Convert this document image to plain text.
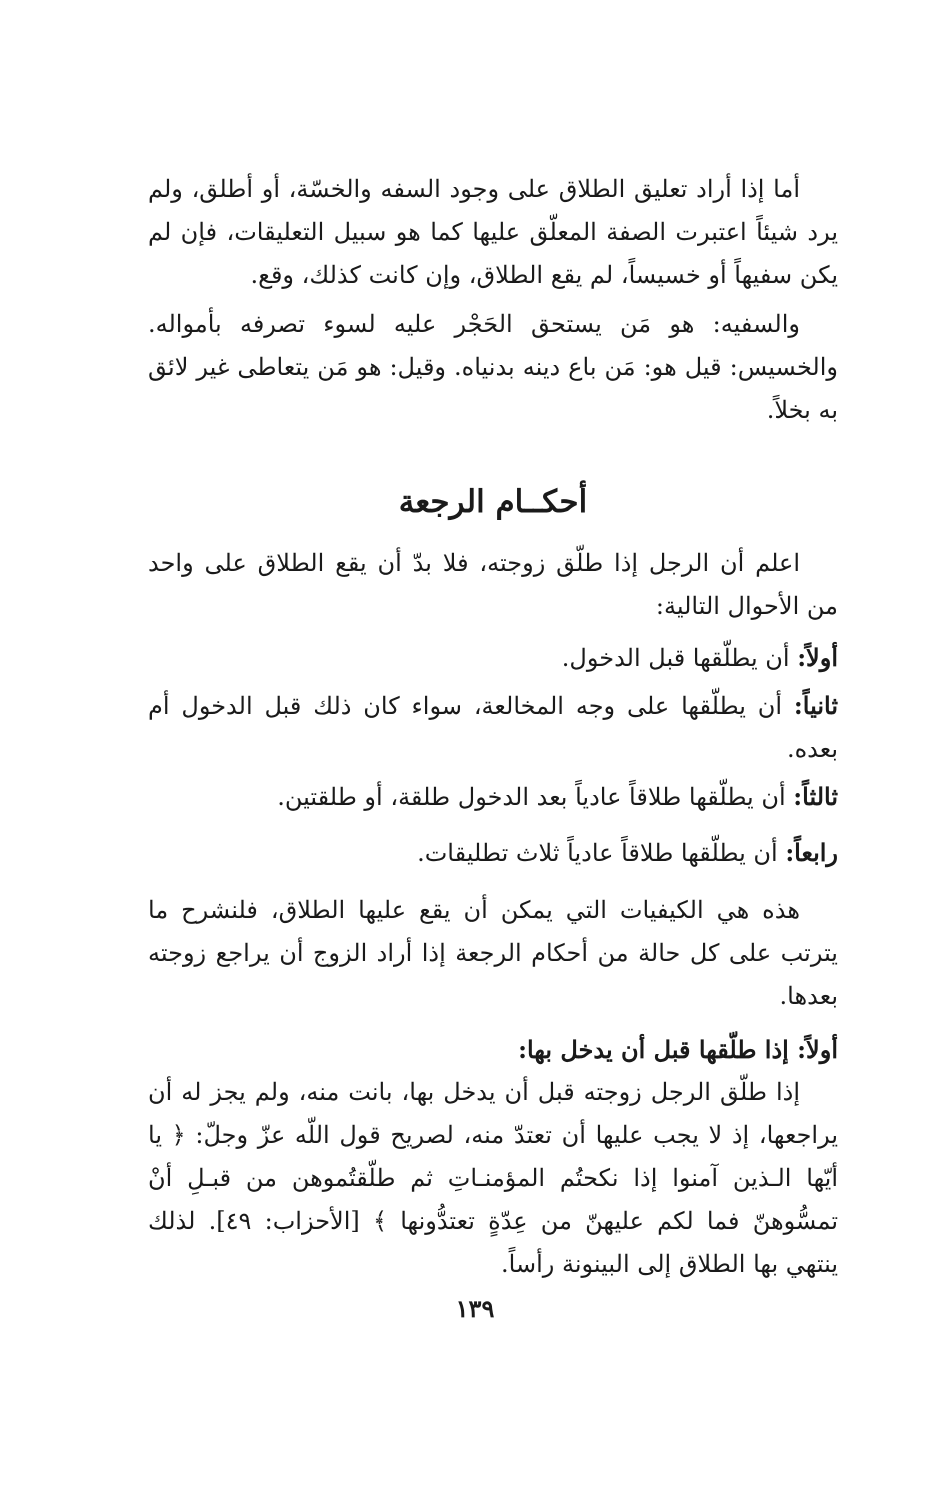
أما إذا أراد تعليق الطلاق على وجود السفه والخسّة، أو أطلق، ولم يرد شيئاً اعتبرت الصفة المعلّق عليها كما هو سبيل التعليقات، فإن لم يكن سفيهاً أو خسيساً، لم يقع الطلاق، وإن كانت كذلك، وقع.

والسفيه: هو مَن يستحق الحَجْر عليه لسوء تصرفه بأمواله. والخسيس: قيل هو: مَن باع دينه بدنياه. وقيل: هو مَن يتعاطى غير لائق به بخلاً.

أحكــام الرجعة

اعلم أن الرجل إذا طلّق زوجته، فلا بدّ أن يقع الطلاق على واحد من الأحوال التالية:

أولاً: أن يطلّقها قبل الدخول.

ثانياً: أن يطلّقها على وجه المخالعة، سواء كان ذلك قبل الدخول أم بعده.

ثالثاً: أن يطلّقها طلاقاً عادياً بعد الدخول طلقة، أو طلقتين.

رابعاً: أن يطلّقها طلاقاً عادياً ثلاث تطليقات.

هذه هي الكيفيات التي يمكن أن يقع عليها الطلاق، فلنشرح ما يترتب على كل حالة من أحكام الرجعة إذا أراد الزوج أن يراجع زوجته بعدها.

أولاً: إذا طلّقها قبل أن يدخل بها:

إذا طلّق الرجل زوجته قبل أن يدخل بها، بانت منه، ولم يجز له أن يراجعها، إذ لا يجب عليها أن تعتدّ منه، لصريح قول اللّه عزّ وجلّ: ﴿ يا أيّها الـذين آمنوا إذا نكحتُم المؤمنـاتِ ثم طلّقتُموهن من قبـلِ أنْ تمسُّوهنّ فما لكم عليهنّ من عِدّةٍ تعتدُّونها ﴾ [الأحزاب: ٤٩]. لذلك ينتهي بها الطلاق إلى البينونة رأساً.

١٣٩
